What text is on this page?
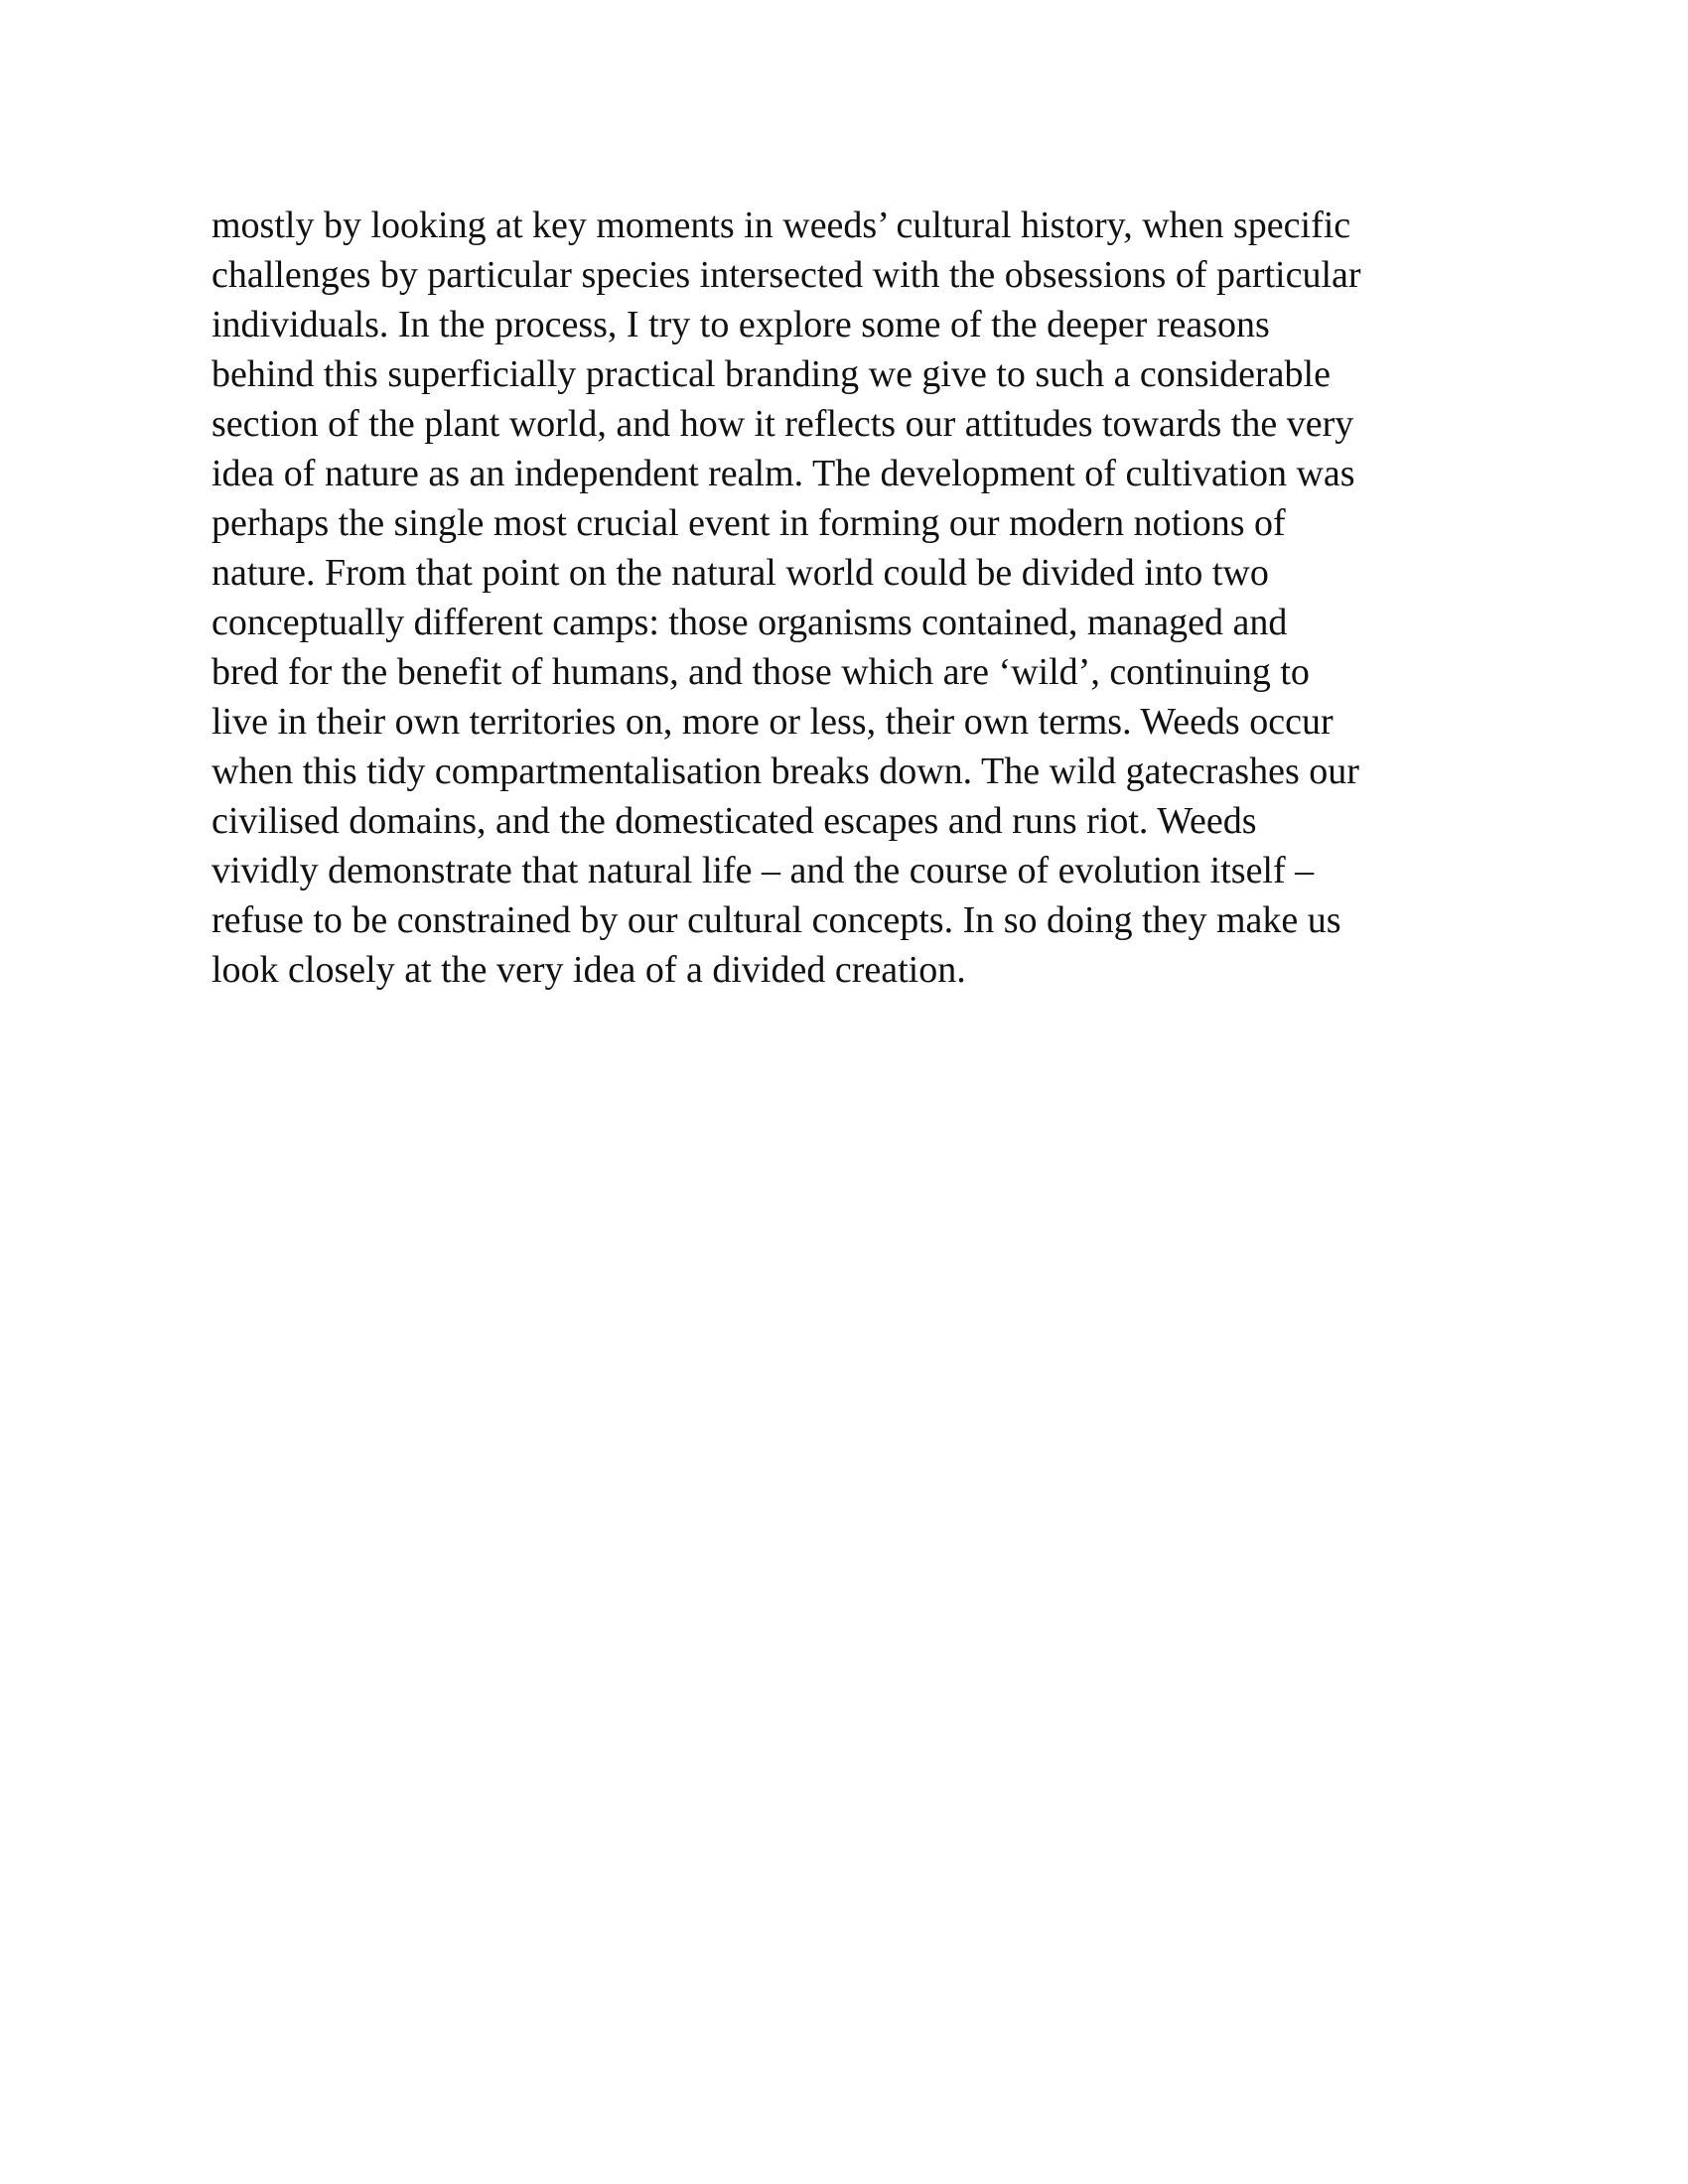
mostly by looking at key moments in weeds’ cultural history, when specific
challenges by particular species intersected with the obsessions of particular
individuals. In the process, I try to explore some of the deeper reasons
behind this superficially practical branding we give to such a considerable
section of the plant world, and how it reflects our attitudes towards the very
idea of nature as an independent realm. The development of cultivation was
perhaps the single most crucial event in forming our modern notions of
nature. From that point on the natural world could be divided into two
conceptually different camps: those organisms contained, managed and
bred for the benefit of humans, and those which are ‘wild’, continuing to
live in their own territories on, more or less, their own terms. Weeds occur
when this tidy compartmentalisation breaks down. The wild gatecrashes our
civilised domains, and the domesticated escapes and runs riot. Weeds
vividly demonstrate that natural life – and the course of evolution itself –
refuse to be constrained by our cultural concepts. In so doing they make us
look closely at the very idea of a divided creation.
